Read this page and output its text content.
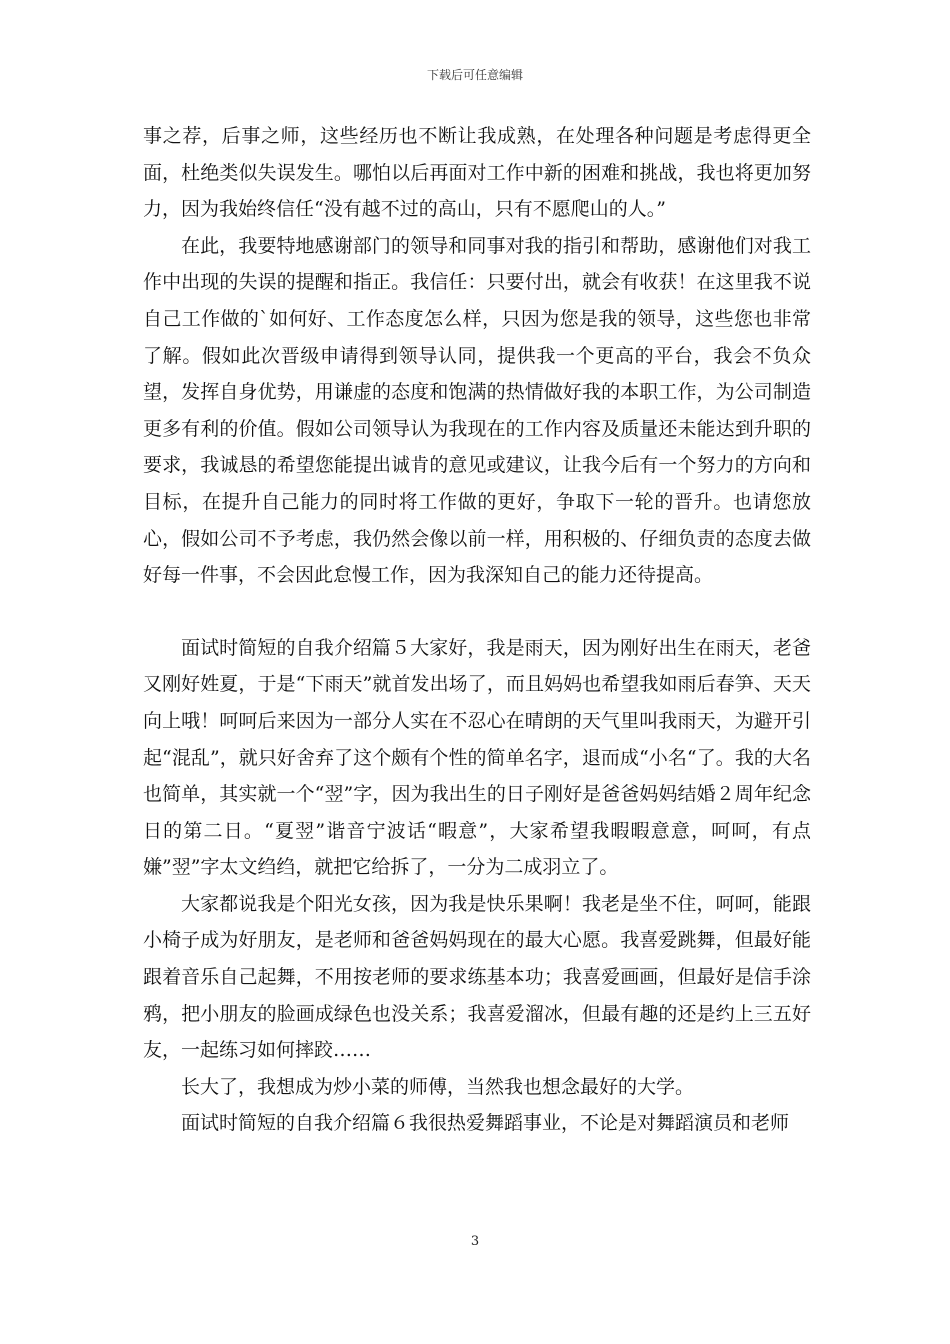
下载后可任意编辑

事之荐，后事之师，这些经历也不断让我成熟，在处理各种问题是考虑得更全面，杜绝类似失误发生。哪怕以后再面对工作中新的困难和挑战，我也将更加努力，因为我始终信任“没有越不过的高山，只有不愿爬山的人。”

在此，我要特地感谢部门的领导和同事对我的指引和帮助，感谢他们对我工作中出现的失误的提醒和指正。我信任：只要付出，就会有收获！在这里我不说自己工作做的`如何好、工作态度怎么样，只因为您是我的领导，这些您也非常了解。假如此次晋级申请得到领导认同，提供我一个更高的平台，我会不负众望，发挥自身优势，用谦虚的态度和饱满的热情做好我的本职工作，为公司制造更多有利的价值。假如公司领导认为我现在的工作内容及质量还未能达到升职的要求，我诚恳的希望您能提出诚肯的意见或建议，让我今后有一个努力的方向和目标，在提升自己能力的同时将工作做的更好，争取下一轮的晋升。也请您放心，假如公司不予考虑，我仍然会像以前一样，用积极的、仔细负责的态度去做好每一件事，不会因此怠慢工作，因为我深知自己的能力还待提高。

面试时简短的自我介绍篇５大家好，我是雨天，因为刚好出生在雨天，老爸又刚好姓夏，于是“下雨天”就首发出场了，而且妈妈也希望我如雨后春笋、天天向上哦！呵呵后来因为一部分人实在不忍心在晴朗的天气里叫我雨天，为避开引起“混乱”，就只好舍弃了这个颇有个性的简单名字，退而成“小名“了。我的大名也简单，其实就一个“翌”字，因为我出生的日子刚好是爸爸妈妈结婚２周年纪念日的第二日。“夏翌”谐音宁波话“暇意”，大家希望我暇暇意意，呵呵，有点嫌”翌”字太文绉绉，就把它给拆了，一分为二成羽立了。

大家都说我是个阳光女孩，因为我是快乐果啊！我老是坐不住，呵呵，能跟小椅子成为好朋友，是老师和爸爸妈妈现在的最大心愿。我喜爱跳舞，但最好能跟着音乐自己起舞，不用按老师的要求练基本功；我喜爱画画，但最好是信手涂鸦，把小朋友的脸画成绿色也没关系；我喜爱溜冰，但最有趣的还是约上三五好友，一起练习如何摔跤……

长大了，我想成为炒小菜的师傅，当然我也想念最好的大学。

面试时简短的自我介绍篇６我很热爱舞蹈事业，不论是对舞蹈演员和老师

3
